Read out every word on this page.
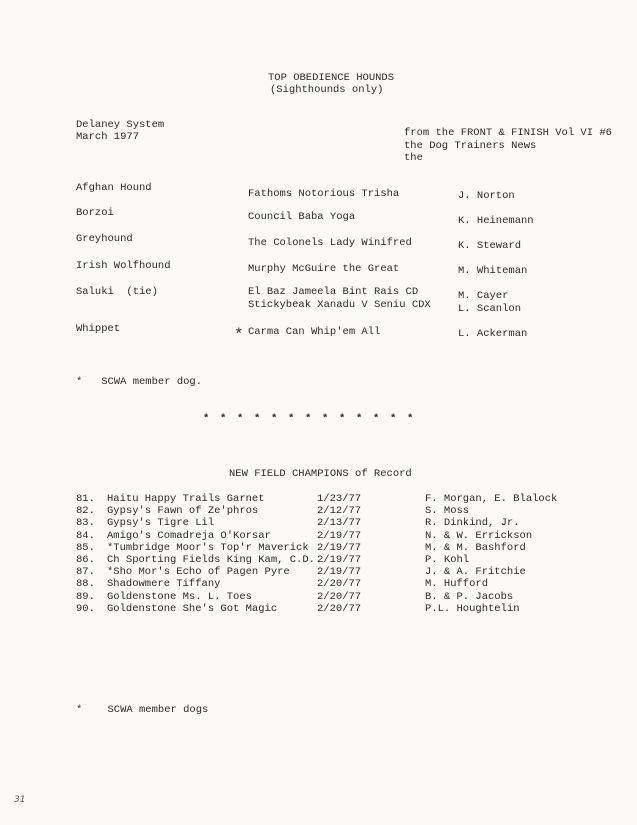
TOP OBEDIENCE HOUNDS
(Sighthounds only)
Delaney System
March 1977	from the FRONT & FINISH Vol VI #6
the Dog Trainers News
the
Afghan Hound	Fathoms Notorious Trisha	J. Norton
Borzoi	Council Baba Yoga	K. Heinemann
Greyhound	The Colonels Lady Winifred	K. Steward
Irish Wolfhound	Murphy McGuire the Great	M. Whiteman
Saluki  (tie)	El Baz Jameela Bint Rais CD	M. Cayer
Stickybeak Xanadu V Seniu CDX	L. Scanlon
Whippet	* Carma Can Whip'em All	L. Ackerman
*   SCWA member dog.
* * * * * * * * * * * * *
NEW FIELD CHAMPIONS of Record
81. Haitu Happy Trails Garnet	1/23/77	F. Morgan, E. Blalock
82. Gypsy's Fawn of Ze'phros	2/12/77	S. Moss
83. Gypsy's Tigre Lil	2/13/77	R. Dinkind, Jr.
84. Amigo's Comadreja O'Korsar	2/19/77	N. & W. Errickson
85. *Tumbridge Moor's Top'r Maverick 2/19/77	M. & M. Bashford
86. Ch Sporting Fields King Kam, C.D. 2/19/77	P. Kohl
87. *Sho Mor's Echo of Pagen Pyre	2/19/77	J. & A. Fritchie
88. Shadowmere Tiffany	2/20/77	M. Hufford
89. Goldenstone Ms. L. Toes	2/20/77	B. & P. Jacobs
90. Goldenstone She's Got Magic	2/20/77	P.L. Houghtelin
*    SCWA member dogs
31
